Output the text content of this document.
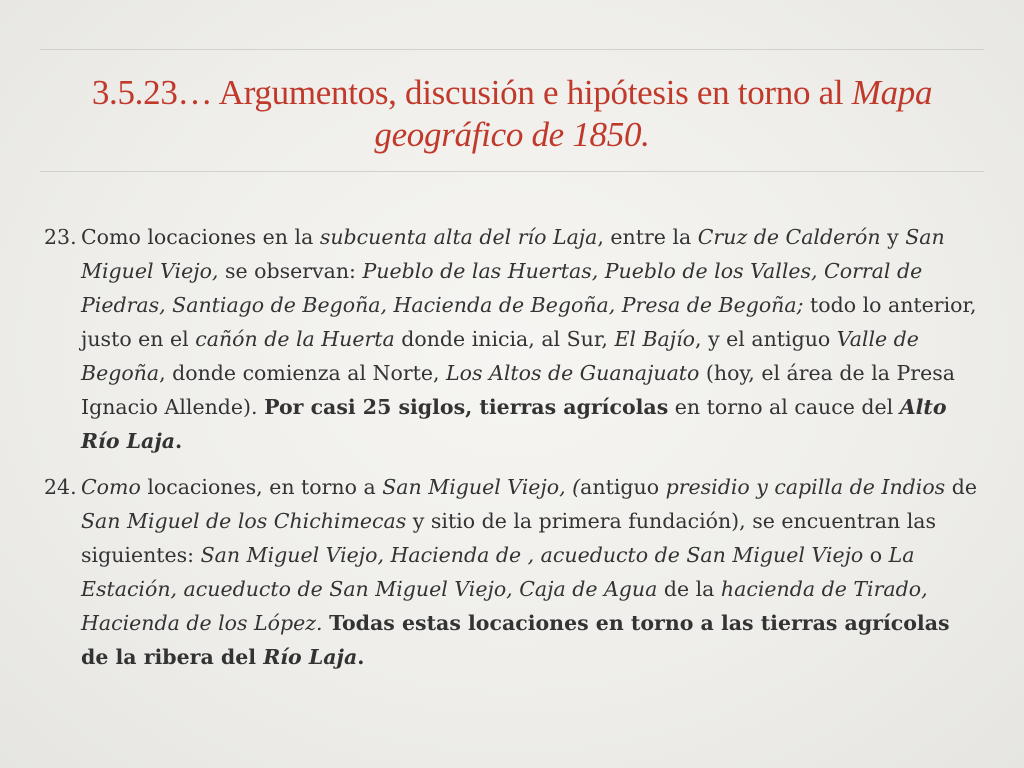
3.5.23… Argumentos, discusión e hipótesis en torno al Mapa geográfico de 1850.
23. Como locaciones en la subcuenta alta del río Laja, entre la Cruz de Calderón y San Miguel Viejo, se observan: Pueblo de las Huertas, Pueblo de los Valles, Corral de Piedras, Santiago de Begoña, Hacienda de Begoña, Presa de Begoña; todo lo anterior, justo en el cañón de la Huerta donde inicia, al Sur, El Bajío, y el antiguo Valle de Begoña, donde comienza al Norte, Los Altos de Guanajuato (hoy, el área de la Presa Ignacio Allende). Por casi 25 siglos, tierras agrícolas en torno al cauce del Alto Río Laja.
24. Como locaciones, en torno a San Miguel Viejo, (antiguo presidio y capilla de Indios de San Miguel de los Chichimecas y sitio de la primera fundación), se encuentran las siguientes: San Miguel Viejo, Hacienda de , acueducto de San Miguel Viejo o La Estación, acueducto de San Miguel Viejo, Caja de Agua de la hacienda de Tirado, Hacienda de los López. Todas estas locaciones en torno a las tierras agrícolas de la ribera del Río Laja.
